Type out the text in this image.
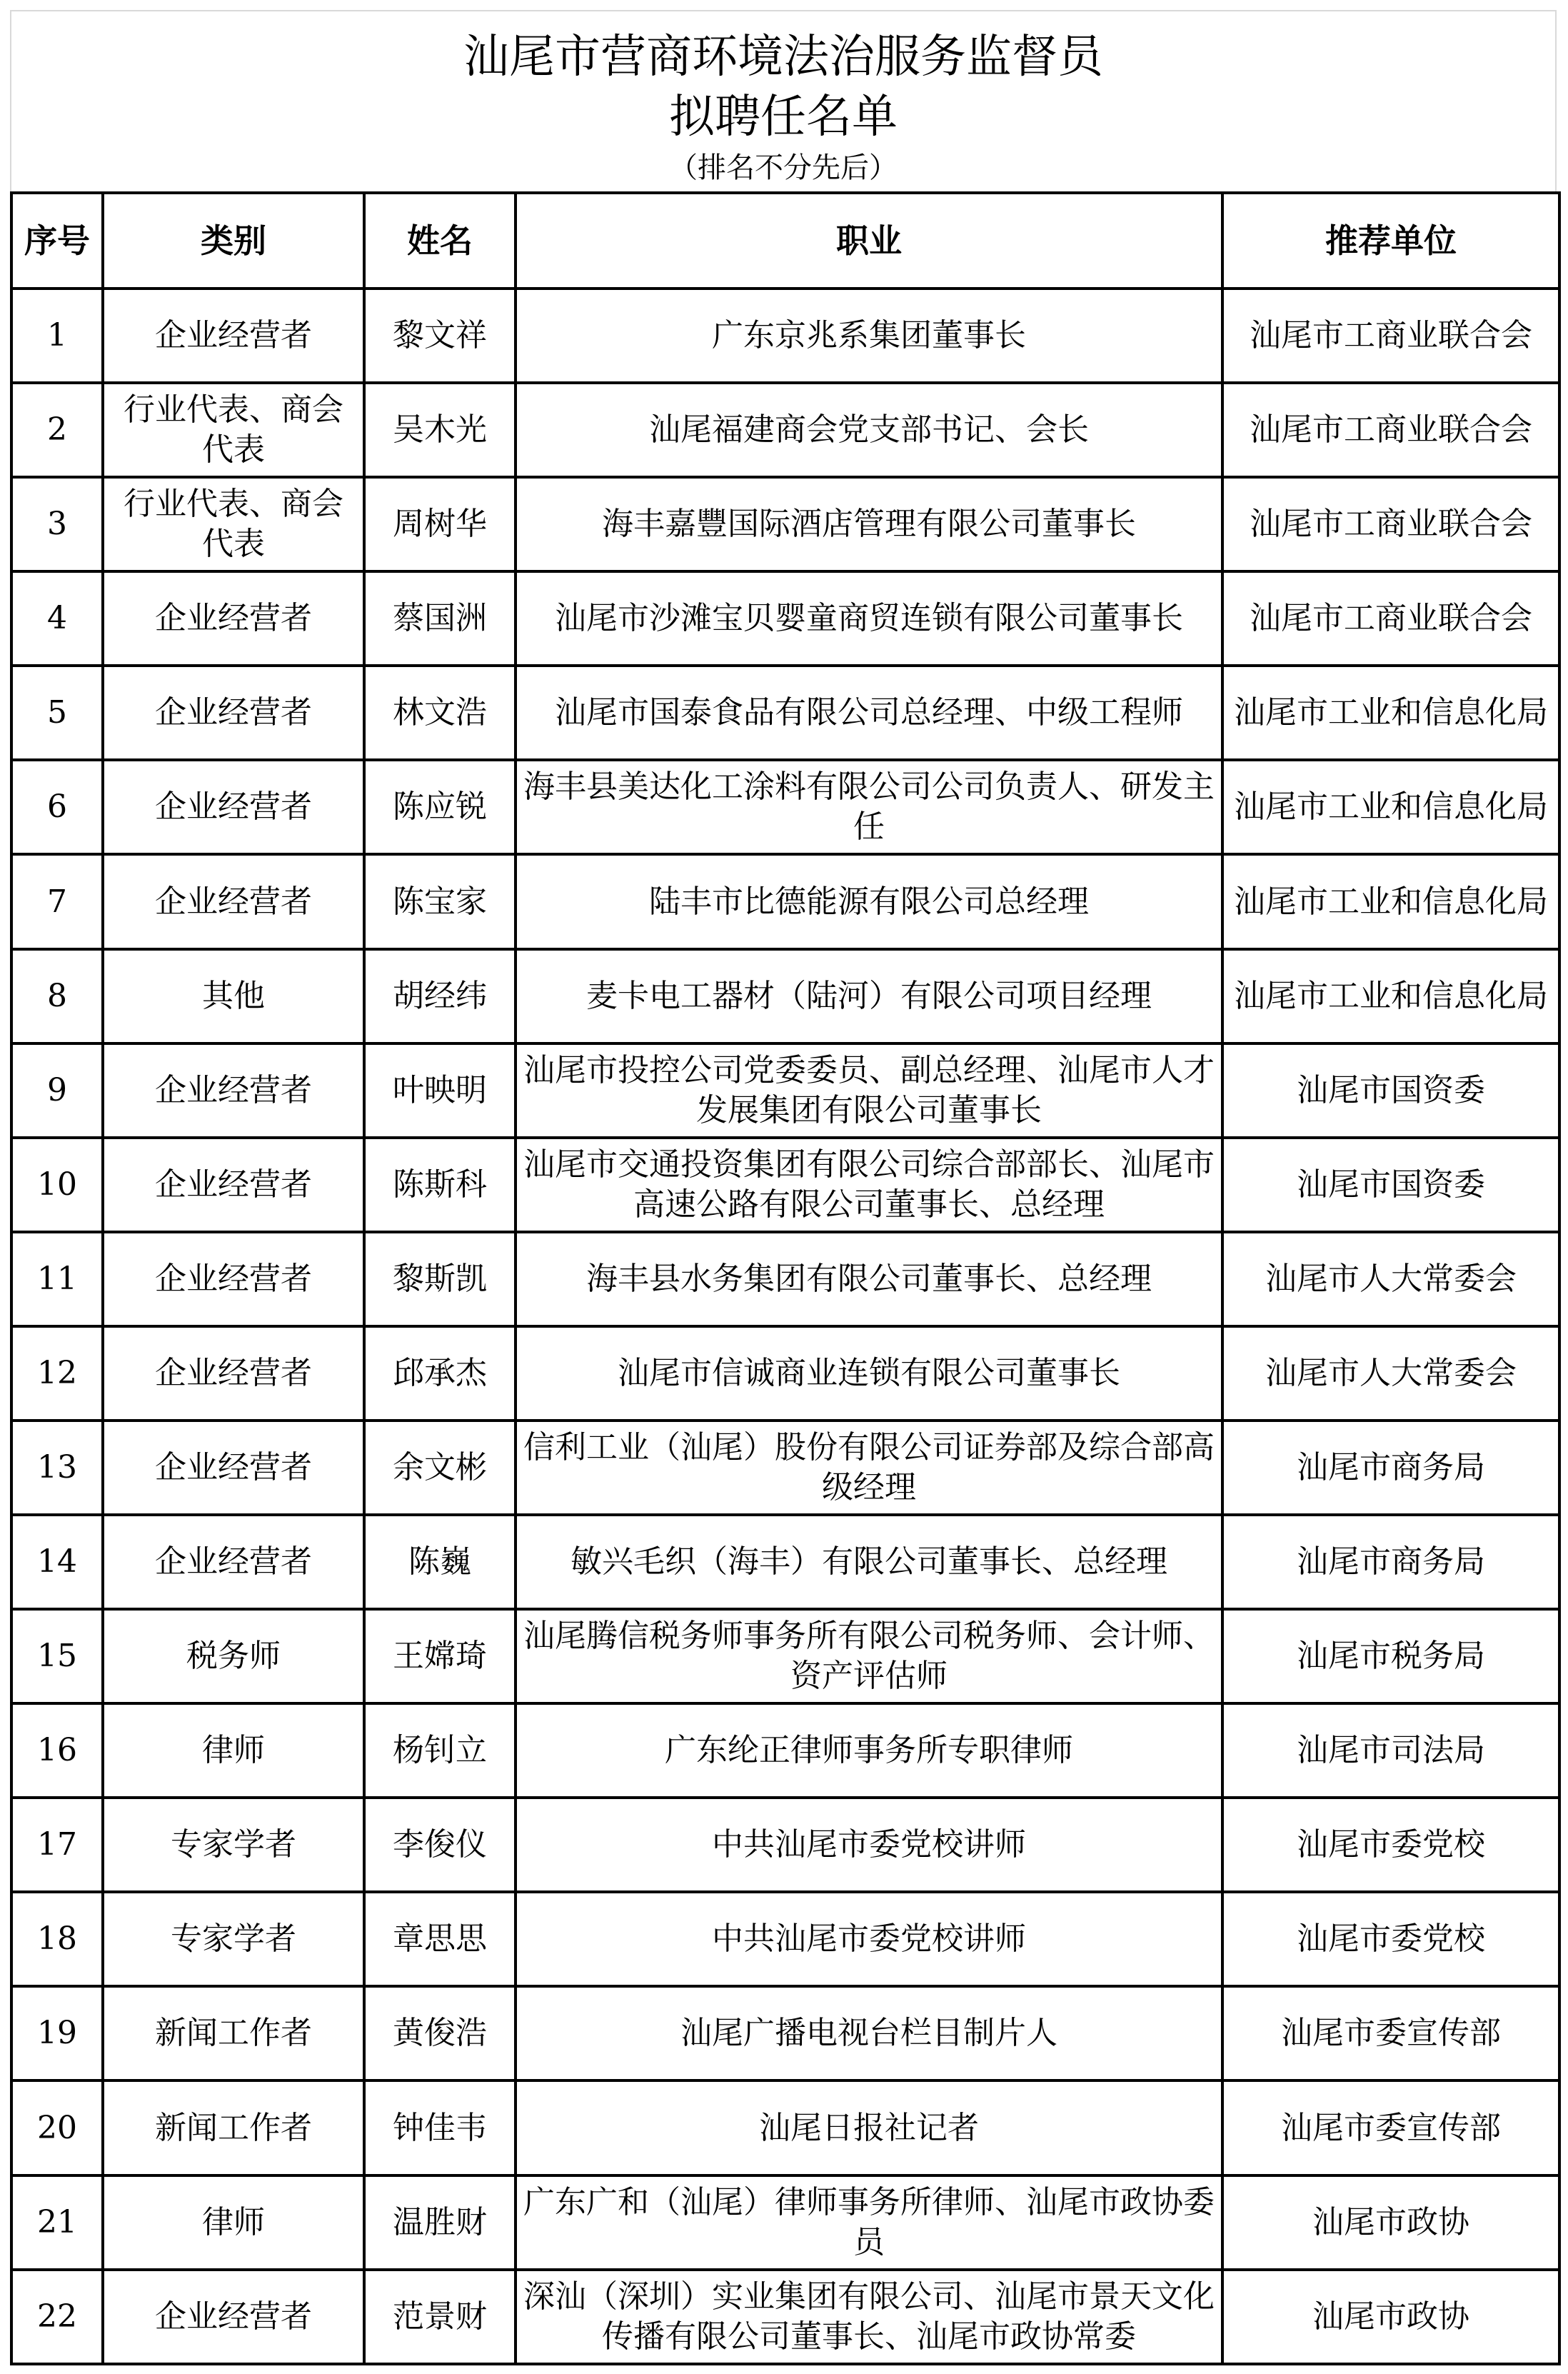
汕尾市营商环境法治服务监督员
拟聘任名单
（排名不分先后）
序号	类别	姓名	职业	推荐单位
1	企业经营者	黎文祥	广东京兆系集团董事长	汕尾市工商业联合会
2	行业代表、商会代表	吴木光	汕尾福建商会党支部书记、会长	汕尾市工商业联合会
3	行业代表、商会代表	周树华	海丰嘉豐国际酒店管理有限公司董事长	汕尾市工商业联合会
4	企业经营者	蔡国洲	汕尾市沙滩宝贝婴童商贸连锁有限公司董事长	汕尾市工商业联合会
5	企业经营者	林文浩	汕尾市国泰食品有限公司总经理、中级工程师	汕尾市工业和信息化局
6	企业经营者	陈应锐	海丰县美达化工涂料有限公司公司负责人、研发主任	汕尾市工业和信息化局
7	企业经营者	陈宝家	陆丰市比德能源有限公司总经理	汕尾市工业和信息化局
8	其他	胡经纬	麦卡电工器材（陆河）有限公司项目经理	汕尾市工业和信息化局
9	企业经营者	叶映明	汕尾市投控公司党委委员、副总经理、汕尾市人才发展集团有限公司董事长	汕尾市国资委
10	企业经营者	陈斯科	汕尾市交通投资集团有限公司综合部部长、汕尾市高速公路有限公司董事长、总经理	汕尾市国资委
11	企业经营者	黎斯凯	海丰县水务集团有限公司董事长、总经理	汕尾市人大常委会
12	企业经营者	邱承杰	汕尾市信诚商业连锁有限公司董事长	汕尾市人大常委会
13	企业经营者	余文彬	信利工业（汕尾）股份有限公司证券部及综合部高级经理	汕尾市商务局
14	企业经营者	陈巍	敏兴毛织（海丰）有限公司董事长、总经理	汕尾市商务局
15	税务师	王嫦琦	汕尾腾信税务师事务所有限公司税务师、会计师、资产评估师	汕尾市税务局
16	律师	杨钊立	广东纶正律师事务所专职律师	汕尾市司法局
17	专家学者	李俊仪	中共汕尾市委党校讲师	汕尾市委党校
18	专家学者	章思思	中共汕尾市委党校讲师	汕尾市委党校
19	新闻工作者	黄俊浩	汕尾广播电视台栏目制片人	汕尾市委宣传部
20	新闻工作者	钟佳韦	汕尾日报社记者	汕尾市委宣传部
21	律师	温胜财	广东广和（汕尾）律师事务所律师、汕尾市政协委员	汕尾市政协
22	企业经营者	范景财	深汕（深圳）实业集团有限公司、汕尾市景天文化传播有限公司董事长、汕尾市政协常委	汕尾市政协
